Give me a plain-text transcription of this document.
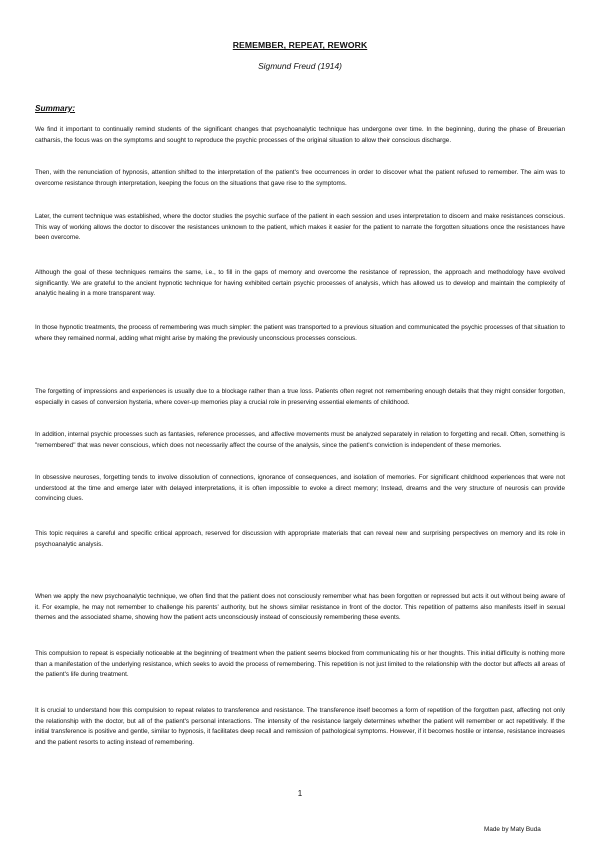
REMEMBER, REPEAT, REWORK
Sigmund Freud (1914)
Summary:

We find it important to continually remind students of the significant changes that psychoanalytic technique has undergone over time. In the beginning, during the phase of Breuerian catharsis, the focus was on the symptoms and sought to reproduce the psychic processes of the original situation to allow their conscious discharge.

Then, with the renunciation of hypnosis, attention shifted to the interpretation of the patient's free occurrences in order to discover what the patient refused to remember. The aim was to overcome resistance through interpretation, keeping the focus on the situations that gave rise to the symptoms.

Later, the current technique was established, where the doctor studies the psychic surface of the patient in each session and uses interpretation to discern and make resistances conscious. This way of working allows the doctor to discover the resistances unknown to the patient, which makes it easier for the patient to narrate the forgotten situations once the resistances have been overcome.

Although the goal of these techniques remains the same, i.e., to fill in the gaps of memory and overcome the resistance of repression, the approach and methodology have evolved significantly. We are grateful to the ancient hypnotic technique for having exhibited certain psychic processes of analysis, which has allowed us to develop and maintain the complexity of analytic healing in a more transparent way.

In those hypnotic treatments, the process of remembering was much simpler: the patient was transported to a previous situation and communicated the psychic processes of that situation to where they remained normal, adding what might arise by making the previously unconscious processes conscious.

The forgetting of impressions and experiences is usually due to a blockage rather than a true loss. Patients often regret not remembering enough details that they might consider forgotten, especially in cases of conversion hysteria, where cover-up memories play a crucial role in preserving essential elements of childhood.

In addition, internal psychic processes such as fantasies, reference processes, and affective movements must be analyzed separately in relation to forgetting and recall. Often, something is "remembered" that was never conscious, which does not necessarily affect the course of the analysis, since the patient's conviction is independent of these memories.

In obsessive neuroses, forgetting tends to involve dissolution of connections, ignorance of consequences, and isolation of memories. For significant childhood experiences that were not understood at the time and emerge later with delayed interpretations, it is often impossible to evoke a direct memory; Instead, dreams and the very structure of neurosis can provide convincing clues.

This topic requires a careful and specific critical approach, reserved for discussion with appropriate materials that can reveal new and surprising perspectives on memory and its role in psychoanalytic analysis.

When we apply the new psychoanalytic technique, we often find that the patient does not consciously remember what has been forgotten or repressed but acts it out without being aware of it. For example, he may not remember to challenge his parents' authority, but he shows similar resistance in front of the doctor. This repetition of patterns also manifests itself in sexual themes and the associated shame, showing how the patient acts unconsciously instead of consciously remembering these events.

This compulsion to repeat is especially noticeable at the beginning of treatment when the patient seems blocked from communicating his or her thoughts. This initial difficulty is nothing more than a manifestation of the underlying resistance, which seeks to avoid the process of remembering. This repetition is not just limited to the relationship with the doctor but affects all areas of the patient's life during treatment.

It is crucial to understand how this compulsion to repeat relates to transference and resistance. The transference itself becomes a form of repetition of the forgotten past, affecting not only the relationship with the doctor, but all of the patient's personal interactions. The intensity of the resistance largely determines whether the patient will remember or act repetitively. If the initial transference is positive and gentle, similar to hypnosis, it facilitates deep recall and remission of pathological symptoms. However, if it becomes hostile or intense, resistance increases and the patient resorts to acting instead of remembering.

1
Made by Maty Buda
